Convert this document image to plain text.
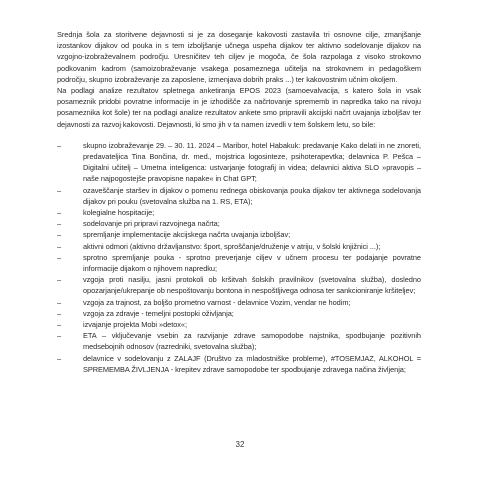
Srednja šola za storitvene dejavnosti si je za doseganje kakovosti zastavila tri osnovne cilje, zmanjšanje izostankov dijakov od pouka in s tem izboljšanje učnega uspeha dijakov ter aktivno sodelovanje dijakov na vzgojno-izobraževalnem področju. Uresničitev teh ciljev je mogoča, če šola razpolaga z visoko strokovno podkovanim kadrom (samoizobraževanje vsakega posameznega učitelja na strokovnem in pedagoškem področju, skupno izobraževanje za zaposlene, izmenjava dobrih praks ...) ter kakovostnim učnim okoljem.

Na podlagi analize rezultatov spletnega anketiranja EPOS 2023 (samoevalvacija, s katero šola in vsak posameznik pridobi povratne informacije in je izhodišče za načrtovanje sprememb in napredka tako na nivoju posameznika kot šole) ter na podlagi analize rezultatov ankete smo pripravili akcijski načrt uvajanja izboljšav ter dejavnosti za razvoj kakovosti. Dejavnosti, ki smo jih v ta namen izvedli v tem šolskem letu, so bile:

–	skupno izobraževanje 29. – 30. 11. 2024 – Maribor, hotel Habakuk: predavanje Kako delati in ne znoreti, predavateljica Tina Bončina, dr. med., mojstrica logosinteze, psihoterapevtka; delavnica P. Pešca – Digitalni učitelj – Umetna inteligenca: ustvarjanje fotografij in videa; delavnici aktiva SLO »pravopis – naše najpogostejše pravopisne napake« in Chat GPT;
–	ozaveščanje staršev in dijakov o pomenu rednega obiskovanja pouka dijakov ter aktivnega sodelovanja dijakov pri pouku (svetovalna služba na 1. RS, ETA);
–	kolegialne hospitacije;
–	sodelovanje pri pripravi razvojnega načrta;
–	spremljanje implementacije akcijskega načrta uvajanja izboljšav;
–	aktivni odmori (aktivno državljanstvo: šport, sproščanje/druženje v atriju, v šolski knjižnici ...);
–	sprotno spremljanje pouka - sprotno preverjanje ciljev v učnem procesu ter podajanje povratne informacije dijakom o njihovem napredku;
–	vzgoja proti nasilju, jasni protokoli ob kršitvah šolskih pravilnikov (svetovalna služba), dosledno opozarjanje/ukrepanje ob nespoštovanju bontona in nespoštljivega odnosa ter sankcioniranje kršiteljev;
–	vzgoja za trajnost, za boljšo prometno varnost - delavnice Vozim, vendar ne hodim;
–	vzgoja za zdravje - temeljni postopki oživljanja;
–	izvajanje projekta Mobi »detox«;
–	ETA – vključevanje vsebin za razvijanje zdrave samopodobe najstnika, spodbujanje pozitivnih medsebojnih odnosov (razredniki, svetovalna služba);
–	delavnice v sodelovanju z ZALAJF (Društvo za mladostniške probleme), #TOSEMJAZ, ALKOHOL = SPREMEMBA ŽIVLJENJA - krepitev zdrave samopodobe ter spodbujanje zdravega načina življenja;
32
